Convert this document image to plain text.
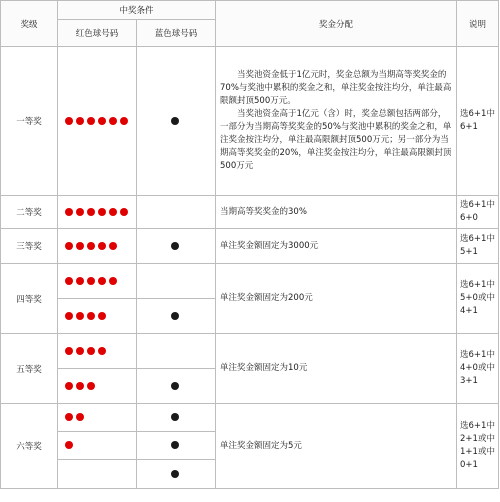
奖级	中奖条件		奖金分配	说明
	红色球号码	蓝色球号码		
一等奖			当奖池资金低于1亿元时，奖金总额为当期高等奖奖金的70%与奖池中累积的奖金之和，单注奖金按注均分，单注最高限额封顶500万元。

当奖池资金高于1亿元（含）时，奖金总额包括两部分，一部分为当期高等奖奖金的50%与奖池中累积的奖金之和，单注奖金按注均分，单注最高限额封顶500万元；另一部分为当期高等奖奖金的20%，单注奖金按注均分，单注最高限额封顶500万元	选6+1中6+1
二等奖			当期高等奖奖金的30%	选6+1中6+0
三等奖			单注奖金额固定为3000元	选6+1中5+1
四等奖			单注奖金额固定为200元	选6+1中5+0或中4+1

五等奖			单注奖金额固定为10元	选6+1中4+0或中3+1

六等奖			单注奖金额固定为5元	选6+1中2+1或中1+1或中0+1
